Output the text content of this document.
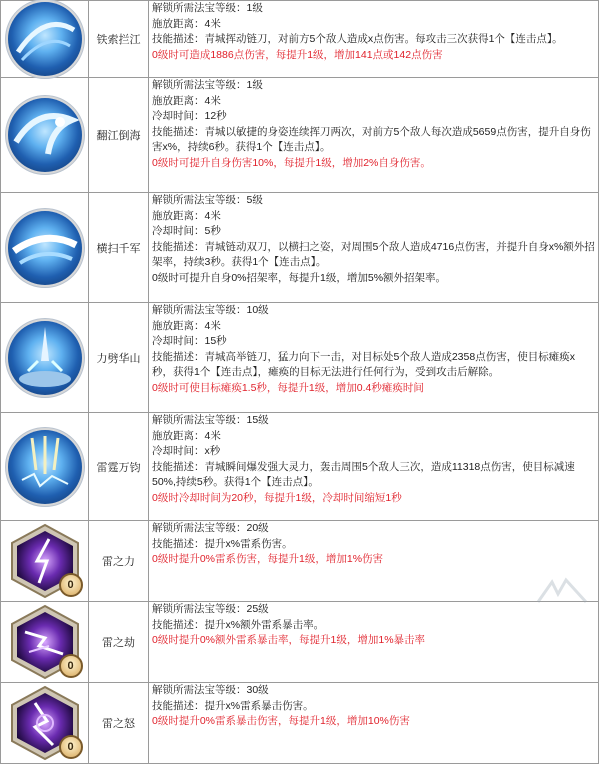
	铁索拦江	解锁所需法宝等级：1级
施放距离：4米
技能描述：青城挥动链刀，对前方5个敌人造成x点伤害。每攻击三次获得1个【连击点】。
0级时可造成1886点伤害，每提升1级，增加141点或142点伤害

	翻江倒海	解锁所需法宝等级：1级
施放距离：4米
冷却时间：12秒
技能描述：青城以敏捷的身姿连续挥刀两次，对前方5个敌人每次造成5659点伤害，提升自身伤害x%，持续6秒。获得1个【连击点】。
0级时可提升自身伤害10%，每提升1级，增加2%自身伤害。

	横扫千军	解锁所需法宝等级：5级
施放距离：4米
冷却时间：5秒
技能描述：青城链动双刀，以横扫之姿，对周围5个敌人造成4716点伤害，并提升自身x%额外招架率，持续3秒。获得1个【连击点】。
0级时可提升自身0%招架率，每提升1级，增加5%额外招架率。

	力劈华山	解锁所需法宝等级：10级
施放距离：4米
冷却时间：15秒
技能描述：青城高举链刀，猛力向下一击，对目标处5个敌人造成2358点伤害，使目标瘫痪x秒，获得1个【连击点】，瘫痪的目标无法进行任何行为，受到攻击后解除。
0级时可使目标瘫痪1.5秒，每提升1级，增加0.4秒瘫痪时间

	雷霆万钧	解锁所需法宝等级：15级
施放距离：4米
冷却时间：x秒
技能描述：青城瞬间爆发强大灵力，轰击周围5个敌人三次，造成11318点伤害，使目标减速50%,持续5秒。获得1个【连击点】。
0级时冷却时间为20秒，每提升1级，冷却时间缩短1秒

0	雷之力	解锁所需法宝等级：20级
技能描述：提升x%雷系伤害。
0级时提升0%雷系伤害，每提升1级，增加1%伤害

0	雷之劫	解锁所需法宝等级：25级
技能描述：提升x%额外雷系暴击率。
0级时提升0%额外雷系暴击率，每提升1级，增加1%暴击率

0	雷之怒	解锁所需法宝等级：30级
技能描述：提升x%雷系暴击伤害。
0级时提升0%雷系暴击伤害，每提升1级，增加10%伤害
